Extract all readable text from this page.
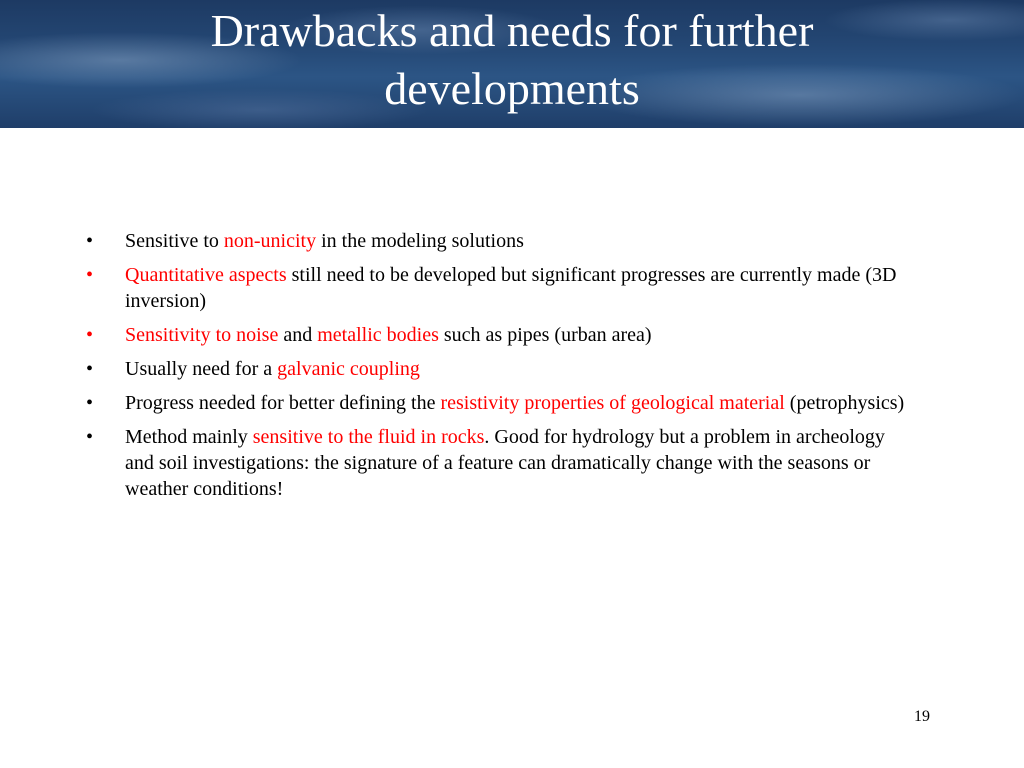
Drawbacks and needs for further
developments
• Sensitive to non-unicity in the modeling solutions
• Quantitative aspects still need to be developed but significant progresses are currently made (3D inversion)
• Sensitivity to noise and metallic bodies such as pipes (urban area)
• Usually need for a galvanic coupling
• Progress needed for better defining the resistivity properties of geological material (petrophysics)
• Method mainly sensitive to the fluid in rocks. Good for hydrology but a problem in archeology and soil investigations: the signature of a feature can dramatically change with the seasons or weather conditions!
19
